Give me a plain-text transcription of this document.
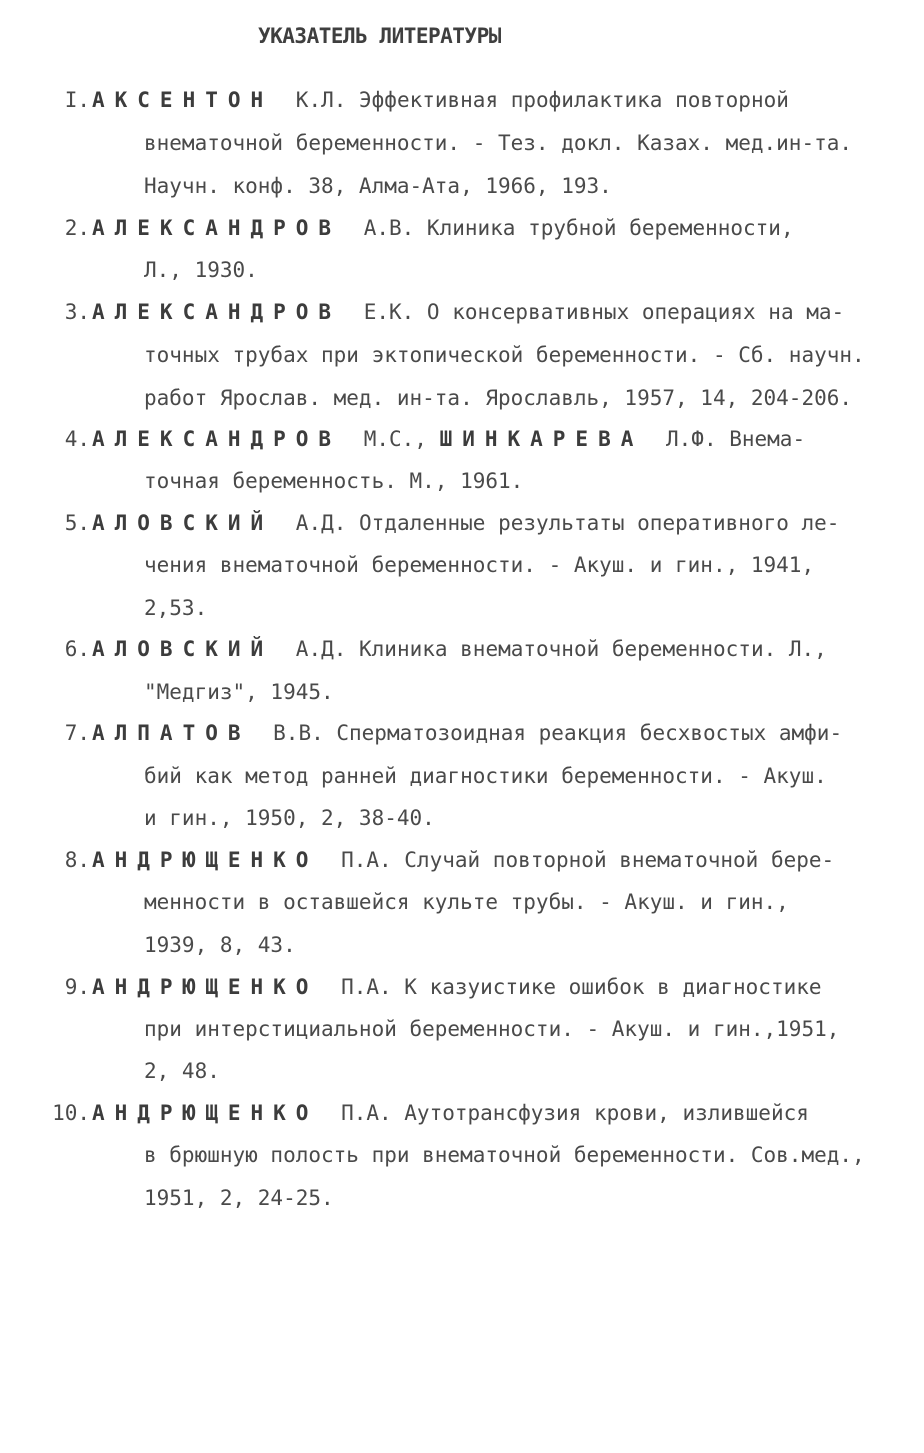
УКАЗАТЕЛЬ ЛИТЕРАТУРЫ
I. АКСЕНТОН К.Л. Эффективная профилактика повторной
внематочной беременности. - Тез. докл. Казах. мед.ин-та.
Научн. конф. 38, Алма-Ата, 1966, 193.
2. АЛЕКСАНДРОВ А.В. Клиника трубной беременности,
Л., 1930.
3. АЛЕКСАНДРОВ Е.К. О консервативных операциях на ма-
точных трубах при эктопической беременности. - Сб. научн.
работ Ярослав. мед. ин-та. Ярославль, 1957, 14, 204-206.
4. АЛЕКСАНДРОВ М.С., ШИНКАРЕВА Л.Ф. Внема-
точная беременность. М., 1961.
5. АЛОВСКИЙ А.Д. Отдаленные результаты оперативного ле-
чения внематочной беременности. - Акуш. и гин., 1941,
2,53.
6. АЛОВСКИЙ А.Д. Клиника внематочной беременности. Л.,
"Медгиз", 1945.
7. АЛПАТОВ В.В. Сперматозоидная реакция бесхвостых амфи-
бий как метод ранней диагностики беременности. - Акуш.
и гин., 1950, 2, 38-40.
8. АНДРЮЩЕНКО П.А. Случай повторной внематочной бере-
менности в оставшейся культе трубы. - Акуш. и гин.,
1939, 8, 43.
9. АНДРЮЩЕНКО П.А. К казуистике ошибок в диагностике
при интерстициальной беременности. - Акуш. и гин.,1951,
2, 48.
10. АНДРЮЩЕНКО П.А. Аутотрансфузия крови, излившейся
в брюшную полость при внематочной беременности. Сов.мед.,
1951, 2, 24-25.
